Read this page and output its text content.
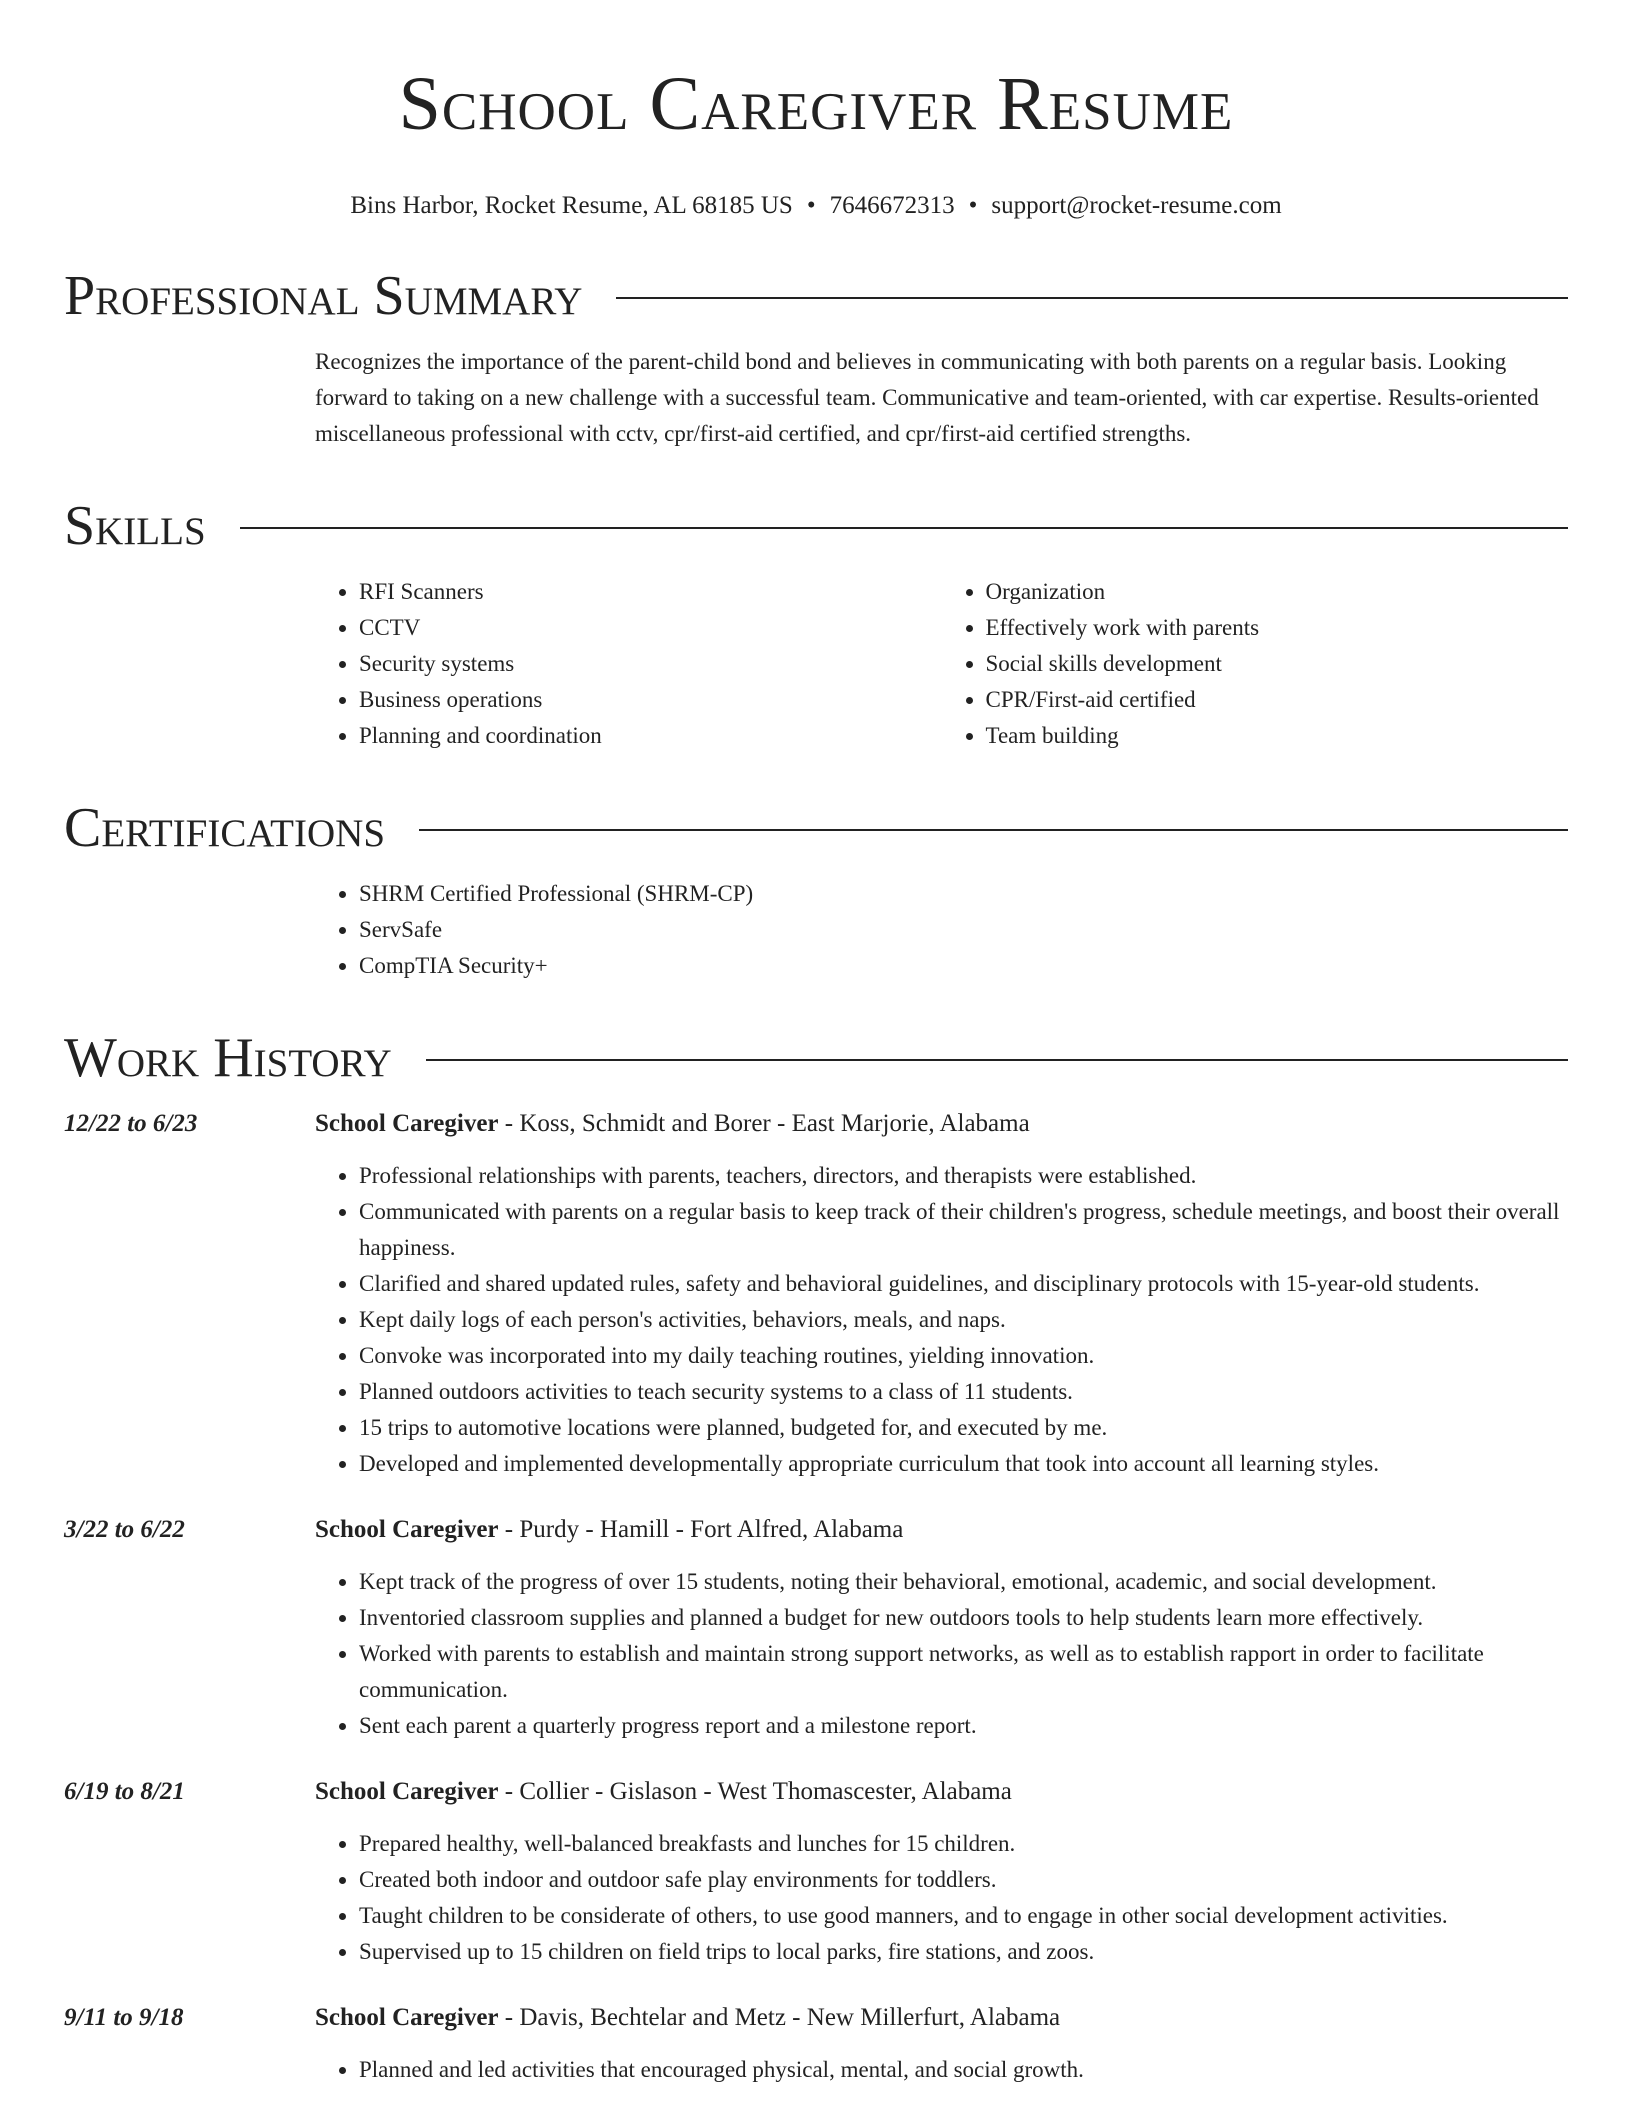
School Caregiver Resume
Bins Harbor, Rocket Resume, AL 68185 US • 7646672313 • support@rocket-resume.com
Professional Summary
Recognizes the importance of the parent-child bond and believes in communicating with both parents on a regular basis. Looking forward to taking on a new challenge with a successful team. Communicative and team-oriented, with car expertise. Results-oriented miscellaneous professional with cctv, cpr/first-aid certified, and cpr/first-aid certified strengths.
Skills
• RFI Scanners
• CCTV
• Security systems
• Business operations
• Planning and coordination
• Organization
• Effectively work with parents
• Social skills development
• CPR/First-aid certified
• Team building
Certifications
• SHRM Certified Professional (SHRM-CP)
• ServSafe
• CompTIA Security+
Work History
12/22 to 6/23	School Caregiver - Koss, Schmidt and Borer - East Marjorie, Alabama
• Professional relationships with parents, teachers, directors, and therapists were established.
• Communicated with parents on a regular basis to keep track of their children's progress, schedule meetings, and boost their overall happiness.
• Clarified and shared updated rules, safety and behavioral guidelines, and disciplinary protocols with 15-year-old students.
• Kept daily logs of each person's activities, behaviors, meals, and naps.
• Convoke was incorporated into my daily teaching routines, yielding innovation.
• Planned outdoors activities to teach security systems to a class of 11 students.
• 15 trips to automotive locations were planned, budgeted for, and executed by me.
• Developed and implemented developmentally appropriate curriculum that took into account all learning styles.
3/22 to 6/22	School Caregiver - Purdy - Hamill - Fort Alfred, Alabama
• Kept track of the progress of over 15 students, noting their behavioral, emotional, academic, and social development.
• Inventoried classroom supplies and planned a budget for new outdoors tools to help students learn more effectively.
• Worked with parents to establish and maintain strong support networks, as well as to establish rapport in order to facilitate communication.
• Sent each parent a quarterly progress report and a milestone report.
6/19 to 8/21	School Caregiver - Collier - Gislason - West Thomascester, Alabama
• Prepared healthy, well-balanced breakfasts and lunches for 15 children.
• Created both indoor and outdoor safe play environments for toddlers.
• Taught children to be considerate of others, to use good manners, and to engage in other social development activities.
• Supervised up to 15 children on field trips to local parks, fire stations, and zoos.
9/11 to 9/18	School Caregiver - Davis, Bechtelar and Metz - New Millerfurt, Alabama
• Planned and led activities that encouraged physical, mental, and social growth.
